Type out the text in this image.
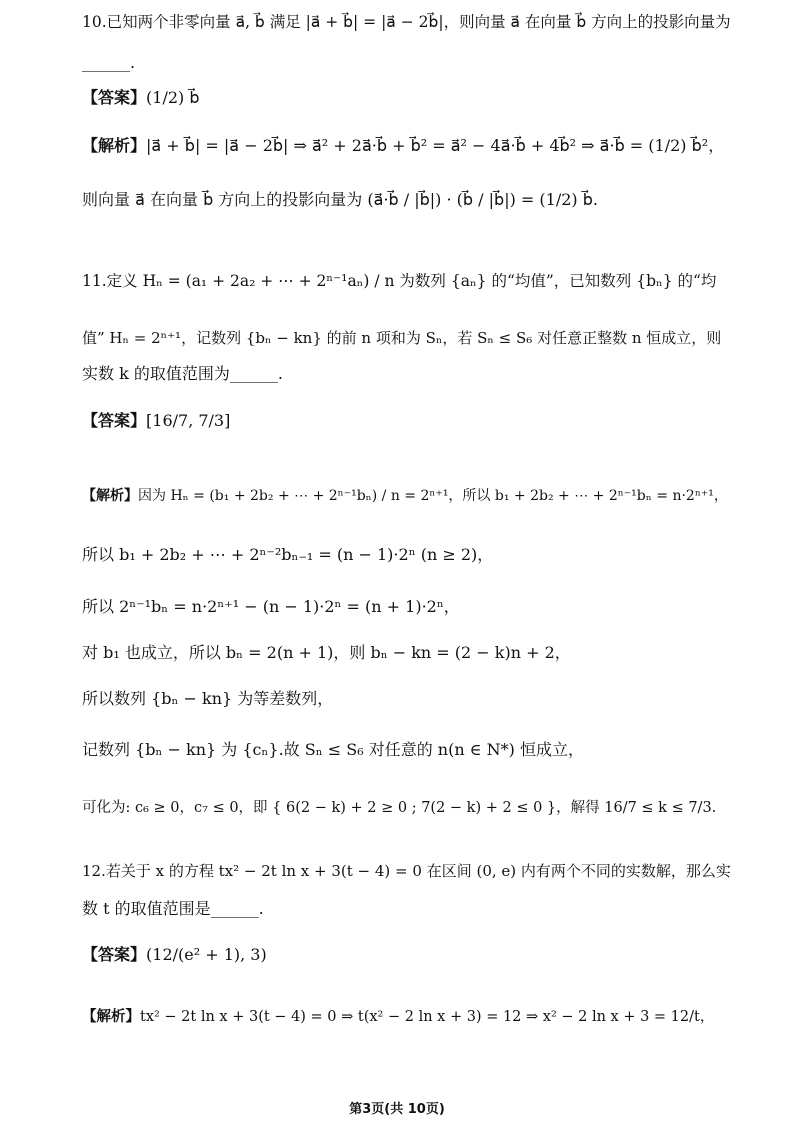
10.已知两个非零向量 a⃗, b⃗ 满足 |a⃗ + b⃗| = |a⃗ − 2b⃗|，则向量 a⃗ 在向量 b⃗ 方向上的投影向量为
______.
【答案】(1/2) b⃗
【解析】|a⃗ + b⃗| = |a⃗ − 2b⃗| ⇒ a⃗² + 2a⃗·b⃗ + b⃗² = a⃗² − 4a⃗·b⃗ + 4b⃗² ⇒ a⃗·b⃗ = (1/2) b⃗²，
则向量 a⃗ 在向量 b⃗ 方向上的投影向量为 (a⃗·b⃗ / |b⃗|) · (b⃗ / |b⃗|) = (1/2) b⃗.
11.定义 Hₙ = (a₁ + 2a₂ + ⋯ + 2ⁿ⁻¹aₙ) / n 为数列 {aₙ} 的“均值”，已知数列 {bₙ} 的“均
值” Hₙ = 2ⁿ⁺¹，记数列 {bₙ − kn} 的前 n 项和为 Sₙ，若 Sₙ ≤ S₆ 对任意正整数 n 恒成立，则
实数 k 的取值范围为______.
【答案】[16/7, 7/3]
【解析】因为 Hₙ = (b₁ + 2b₂ + ⋯ + 2ⁿ⁻¹bₙ) / n = 2ⁿ⁺¹，所以 b₁ + 2b₂ + ⋯ + 2ⁿ⁻¹bₙ = n·2ⁿ⁺¹，
所以 b₁ + 2b₂ + ⋯ + 2ⁿ⁻²bₙ₋₁ = (n − 1)·2ⁿ (n ≥ 2)，
所以 2ⁿ⁻¹bₙ = n·2ⁿ⁺¹ − (n − 1)·2ⁿ = (n + 1)·2ⁿ，
对 b₁ 也成立，所以 bₙ = 2(n + 1)，则 bₙ − kn = (2 − k)n + 2，
所以数列 {bₙ − kn} 为等差数列，
记数列 {bₙ − kn} 为 {cₙ}.故 Sₙ ≤ S₆ 对任意的 n(n ∈ N*) 恒成立，
可化为: c₆ ≥ 0，c₇ ≤ 0，即 { 6(2 − k) + 2 ≥ 0 ; 7(2 − k) + 2 ≤ 0 }，解得 16/7 ≤ k ≤ 7/3.
12.若关于 x 的方程 tx² − 2t ln x + 3(t − 4) = 0 在区间 (0, e) 内有两个不同的实数解，那么实
数 t 的取值范围是______.
【答案】(12/(e² + 1), 3)
【解析】tx² − 2t ln x + 3(t − 4) = 0 ⇒ t(x² − 2 ln x + 3) = 12 ⇒ x² − 2 ln x + 3 = 12/t，
第3页(共 10页)
